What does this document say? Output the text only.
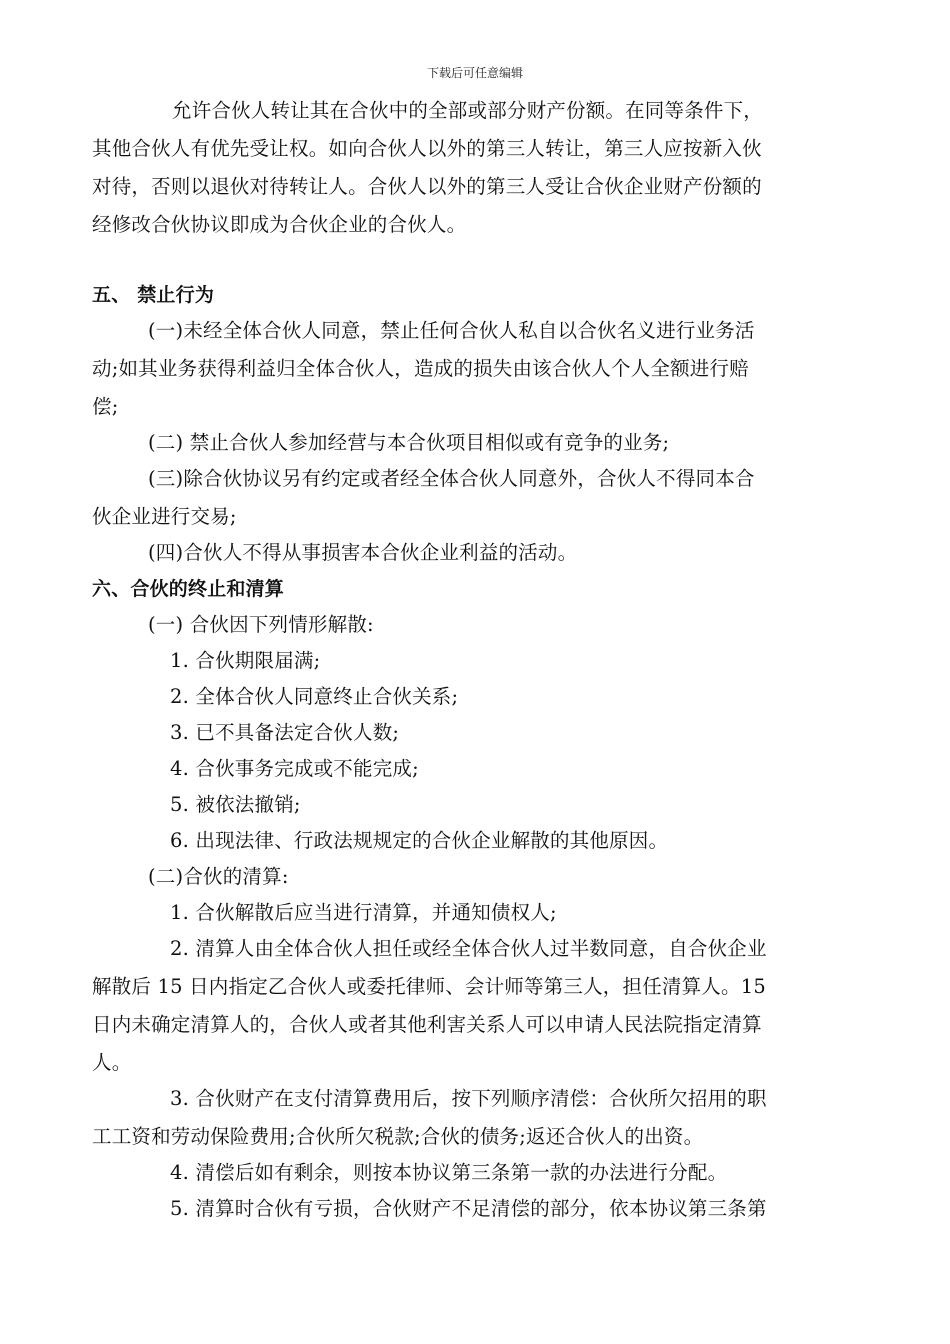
下载后可任意编辑
允许合伙人转让其在合伙中的全部或部分财产份额。在同等条件下，
其他合伙人有优先受让权。如向合伙人以外的第三人转让，第三人应按新入伙
对待，否则以退伙对待转让人。合伙人以外的第三人受让合伙企业财产份额的
经修改合伙协议即成为合伙企业的合伙人。
五、 禁止行为
(一)未经全体合伙人同意，禁止任何合伙人私自以合伙名义进行业务活
动;如其业务获得利益归全体合伙人，造成的损失由该合伙人个人全额进行赔
偿;
(二) 禁止合伙人参加经营与本合伙项目相似或有竞争的业务;
(三)除合伙协议另有约定或者经全体合伙人同意外，合伙人不得同本合
伙企业进行交易;
(四)合伙人不得从事损害本合伙企业利益的活动。
六、合伙的终止和清算
(一) 合伙因下列情形解散:
1. 合伙期限届满;
2. 全体合伙人同意终止合伙关系;
3. 已不具备法定合伙人数;
4. 合伙事务完成或不能完成;
5. 被依法撤销;
6. 出现法律、行政法规规定的合伙企业解散的其他原因。
(二)合伙的清算:
1. 合伙解散后应当进行清算，并通知债权人;
2. 清算人由全体合伙人担任或经全体合伙人过半数同意，自合伙企业
解散后 15 日内指定乙合伙人或委托律师、会计师等第三人，担任清算人。15
日内未确定清算人的，合伙人或者其他利害关系人可以申请人民法院指定清算
人。
3. 合伙财产在支付清算费用后，按下列顺序清偿：合伙所欠招用的职
工工资和劳动保险费用;合伙所欠税款;合伙的债务;返还合伙人的出资。
4. 清偿后如有剩余，则按本协议第三条第一款的办法进行分配。
5. 清算时合伙有亏损，合伙财产不足清偿的部分，依本协议第三条第
